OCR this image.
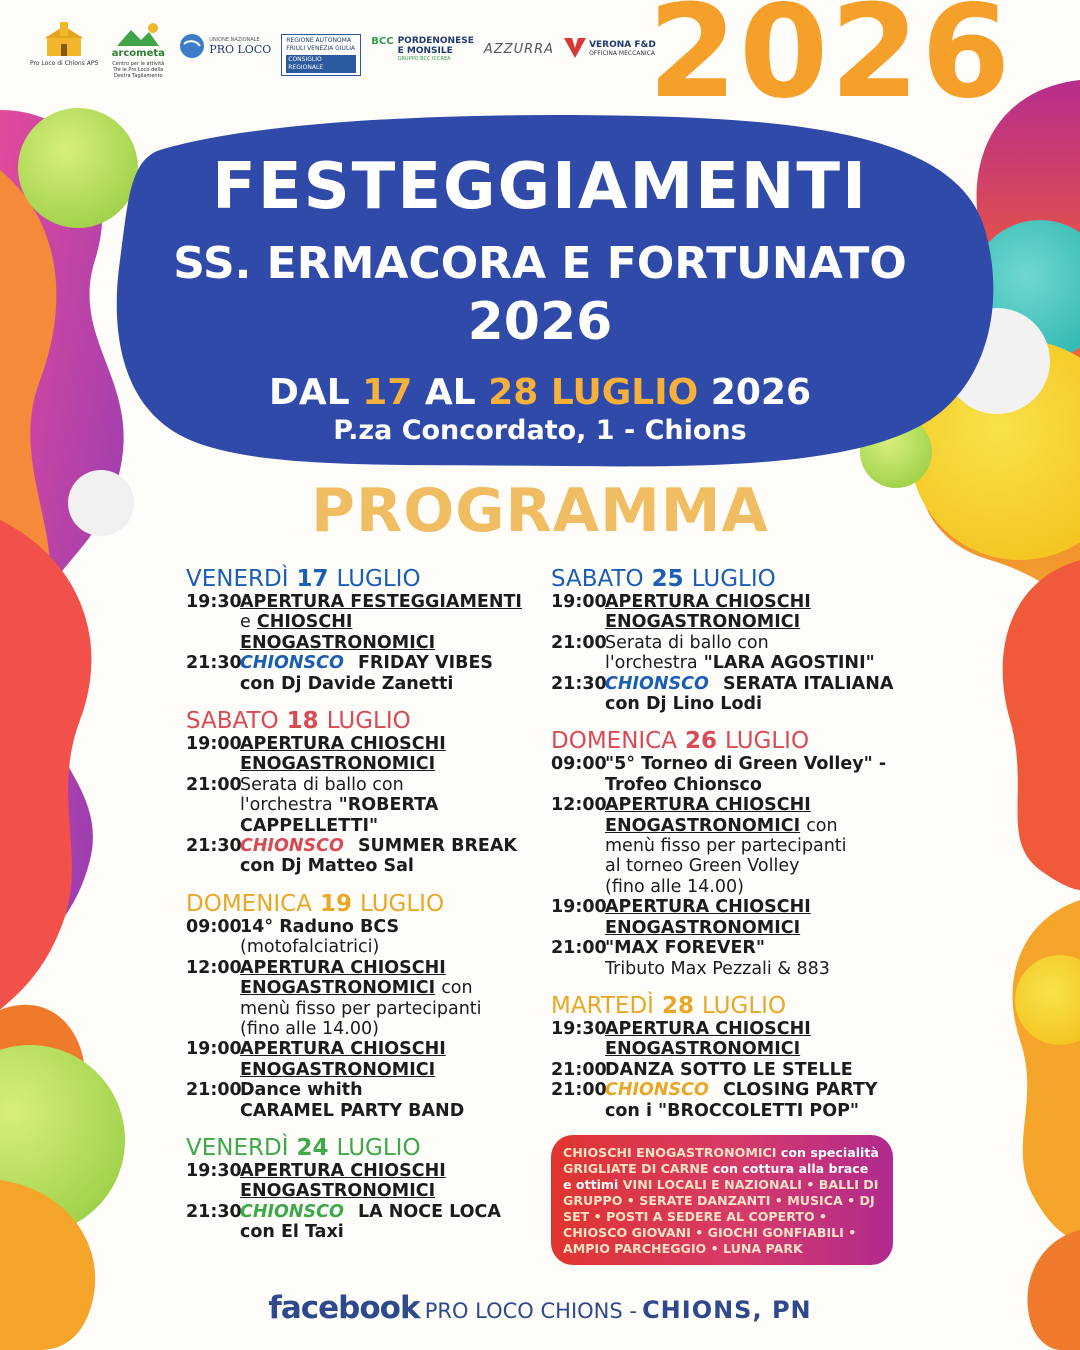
Pro Loco di Chions APS
arcometa
Centro per le attività Tre le Pro Loco della Destra Tagliamento
UNIONE NAZIONALE
PRO LOCO
REGIONE AUTONOMA FRIULI VENEZIA GIULIA
CONSIGLIO REGIONALE
BCC PORDENONESE
E MONSILE
GRUPPO BCC ICCREA
AZZURRA	VERONA F&D
OFFICINA MECCANICA
2026
FESTEGGIAMENTI
SS. ERMACORA E FORTUNATO
2026
DAL 17 AL 28 LUGLIO 2026
P.za Concordato, 1 - Chions
PROGRAMMA
VENERDÌ 17 LUGLIO
19:30
APERTURA FESTEGGIAMENTI
e CHIOSCHI
ENOGASTRONOMICI
21:30
CHIONSCO FRIDAY VIBES
con Dj Davide Zanetti
SABATO 18 LUGLIO
19:00
APERTURA CHIOSCHI
ENOGASTRONOMICI
21:00
Serata di ballo con
l'orchestra "ROBERTA
CAPPELLETTI"
21:30
CHIONSCO SUMMER BREAK
con Dj Matteo Sal
DOMENICA 19 LUGLIO
09:00
14° Raduno BCS
(motofalciatrici)
12:00
APERTURA CHIOSCHI
ENOGASTRONOMICI con
menù fisso per partecipanti
(fino alle 14.00)
19:00
APERTURA CHIOSCHI
ENOGASTRONOMICI
21:00
Dance whith
CARAMEL PARTY BAND
VENERDÌ 24 LUGLIO
19:30
APERTURA CHIOSCHI
ENOGASTRONOMICI
21:30
CHIONSCO LA NOCE LOCA
con El Taxi
SABATO 25 LUGLIO
19:00
APERTURA CHIOSCHI
ENOGASTRONOMICI
21:00
Serata di ballo con
l'orchestra "LARA AGOSTINI"
21:30
CHIONSCO SERATA ITALIANA
con Dj Lino Lodi
DOMENICA 26 LUGLIO
09:00
"5° Torneo di Green Volley" -
Trofeo Chionsco
12:00
APERTURA CHIOSCHI
ENOGASTRONOMICI con
menù fisso per partecipanti
al torneo Green Volley
(fino alle 14.00)
19:00
APERTURA CHIOSCHI
ENOGASTRONOMICI
21:00
"MAX FOREVER"
Tributo Max Pezzali & 883
MARTEDÌ 28 LUGLIO
19:30
APERTURA CHIOSCHI
ENOGASTRONOMICI
21:00
DANZA SOTTO LE STELLE
21:00
CHIONSCO CLOSING PARTY
con i "BROCCOLETTI POP"
CHIOSCHI ENOGASTRONOMICI con specialità GRIGLIATE DI CARNE con cottura alla brace e ottimi VINI LOCALI E NAZIONALI • BALLI DI GRUPPO • SERATE DANZANTI • MUSICA • DJ SET • POSTI A SEDERE AL COPERTO • CHIOSCO GIOVANI • GIOCHI GONFIABILI • AMPIO PARCHEGGIO • LUNA PARK
facebook PRO LOCO CHIONS - CHIONS, PN
